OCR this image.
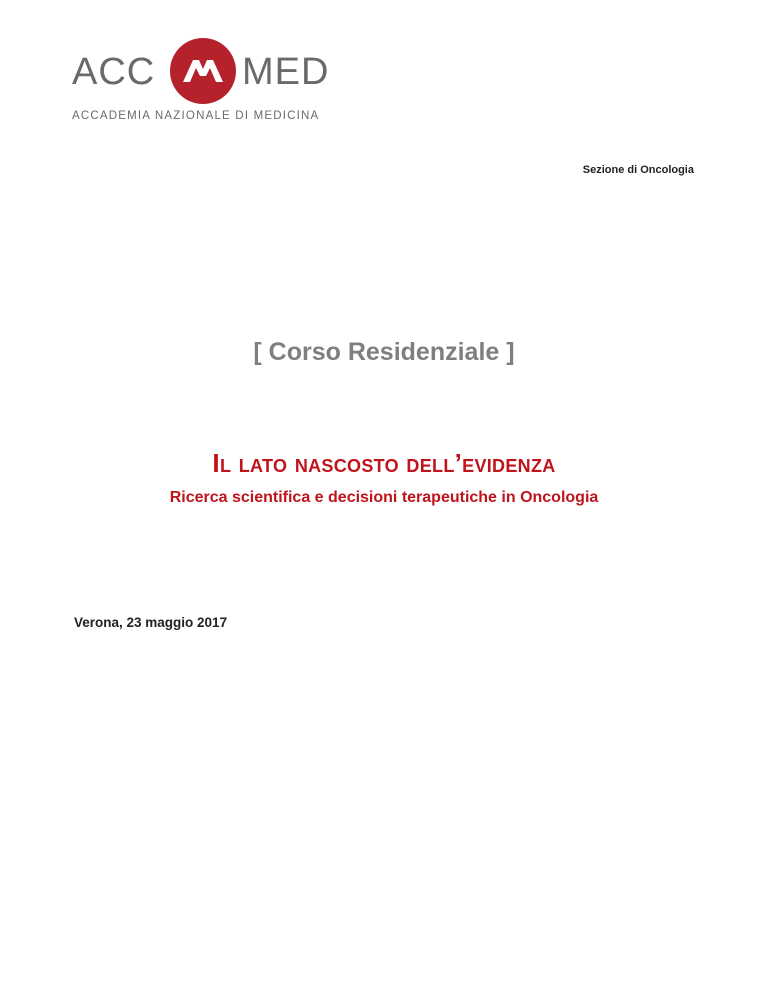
ACC MED
ACCADEMIA NAZIONALE DI MEDICINA
Sezione di Oncologia
[ Corso Residenziale ]
Il lato nascosto dell’evidenza
Ricerca scientifica e decisioni terapeutiche in Oncologia
Verona, 23 maggio 2017
